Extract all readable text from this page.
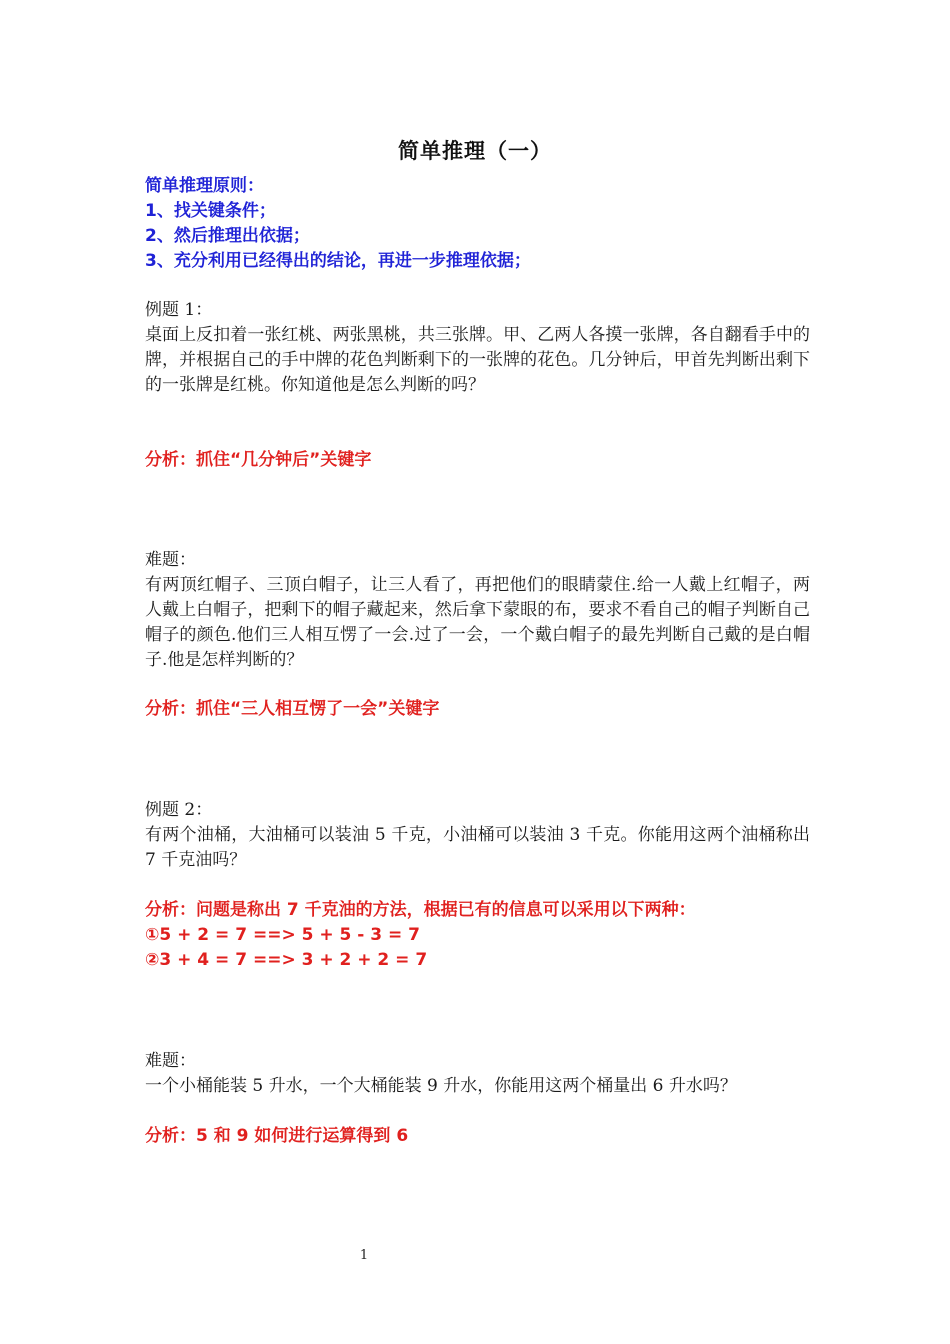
简单推理（一）
简单推理原则：
1、找关键条件；
2、然后推理出依据；
3、充分利用已经得出的结论，再进一步推理依据；
例题 1：
桌面上反扣着一张红桃、两张黑桃，共三张牌。甲、乙两人各摸一张牌，各自翻看手中的牌，并根据自己的手中牌的花色判断剩下的一张牌的花色。几分钟后，甲首先判断出剩下的一张牌是红桃。你知道他是怎么判断的吗？
分析：抓住“几分钟后”关键字
难题：
有两顶红帽子、三顶白帽子，让三人看了，再把他们的眼睛蒙住.给一人戴上红帽子，两人戴上白帽子，把剩下的帽子藏起来，然后拿下蒙眼的布，要求不看自己的帽子判断自己帽子的颜色.他们三人相互愣了一会.过了一会，一个戴白帽子的最先判断自己戴的是白帽子.他是怎样判断的？
分析：抓住“三人相互愣了一会”关键字
例题 2：
有两个油桶，大油桶可以装油 5 千克，小油桶可以装油 3 千克。你能用这两个油桶称出 7 千克油吗？
分析：问题是称出 7 千克油的方法，根据已有的信息可以采用以下两种：
①5 + 2 = 7 ==> 5 + 5 - 3 = 7
②3 + 4 = 7 ==> 3 + 2 + 2 = 7
难题：
一个小桶能装 5 升水，一个大桶能装 9 升水，你能用这两个桶量出 6 升水吗？
分析：5 和 9 如何进行运算得到 6
1
